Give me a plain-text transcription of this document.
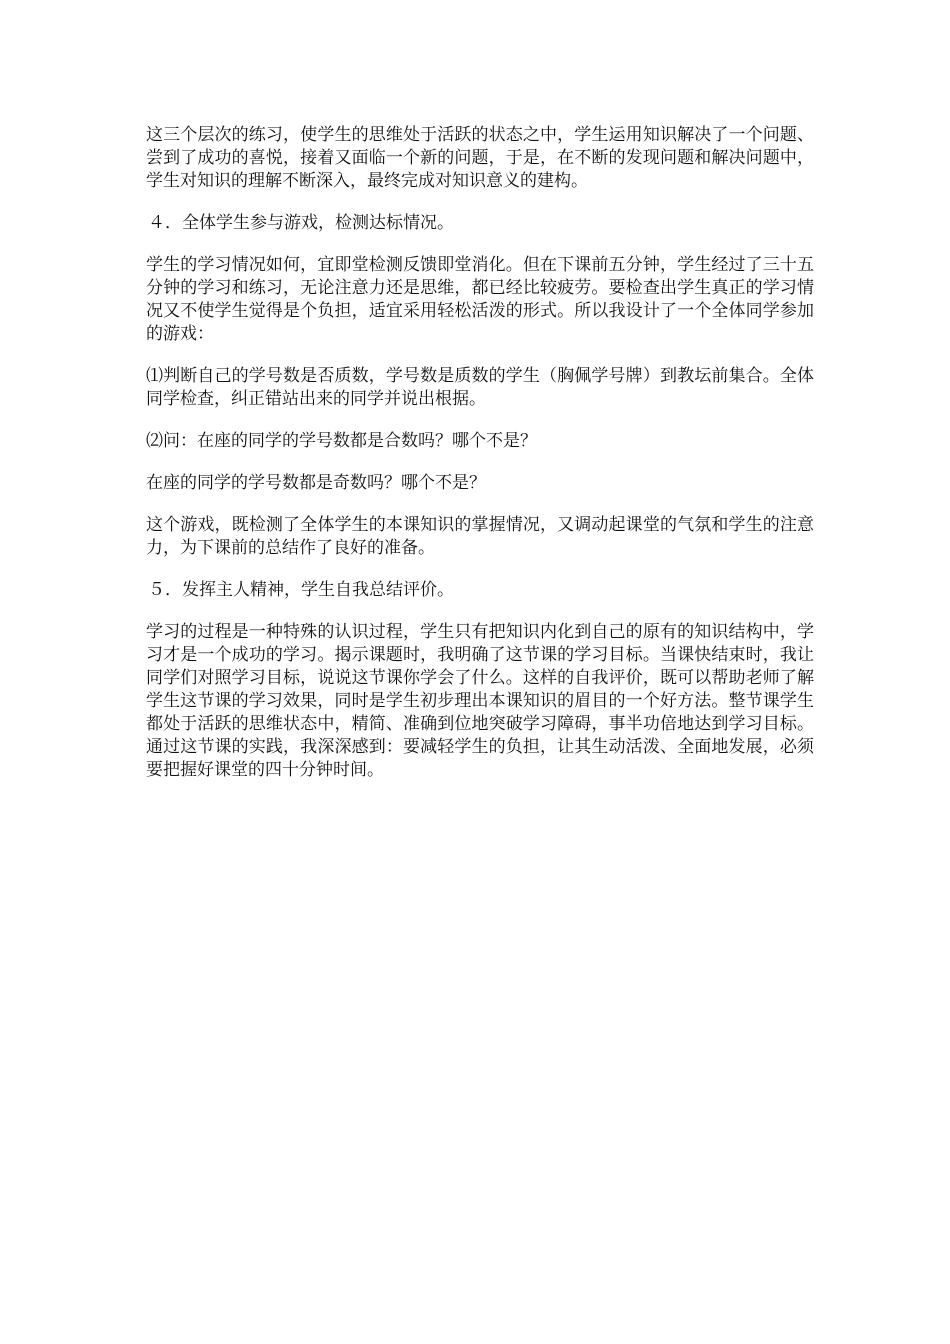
这三个层次的练习，使学生的思维处于活跃的状态之中，学生运用知识解决了一个问题、尝到了成功的喜悦，接着又面临一个新的问题，于是，在不断的发现问题和解决问题中，学生对知识的理解不断深入，最终完成对知识意义的建构。

４．全体学生参与游戏，检测达标情况。

学生的学习情况如何，宜即堂检测反馈即堂消化。但在下课前五分钟，学生经过了三十五分钟的学习和练习，无论注意力还是思维，都已经比较疲劳。要检查出学生真正的学习情况又不使学生觉得是个负担，适宜采用轻松活泼的形式。所以我设计了一个全体同学参加的游戏：

⑴判断自己的学号数是否质数，学号数是质数的学生（胸佩学号牌）到教坛前集合。全体同学检查，纠正错站出来的同学并说出根据。

⑵问：在座的同学的学号数都是合数吗？哪个不是？

在座的同学的学号数都是奇数吗？哪个不是？

这个游戏，既检测了全体学生的本课知识的掌握情况，又调动起课堂的气氛和学生的注意力，为下课前的总结作了良好的准备。

５．发挥主人精神，学生自我总结评价。

学习的过程是一种特殊的认识过程，学生只有把知识内化到自己的原有的知识结构中，学习才是一个成功的学习。揭示课题时，我明确了这节课的学习目标。当课快结束时，我让同学们对照学习目标，说说这节课你学会了什么。这样的自我评价，既可以帮助老师了解学生这节课的学习效果，同时是学生初步理出本课知识的眉目的一个好方法。整节课学生都处于活跃的思维状态中，精简、准确到位地突破学习障碍，事半功倍地达到学习目标。通过这节课的实践，我深深感到：要减轻学生的负担，让其生动活泼、全面地发展，必须要把握好课堂的四十分钟时间。
